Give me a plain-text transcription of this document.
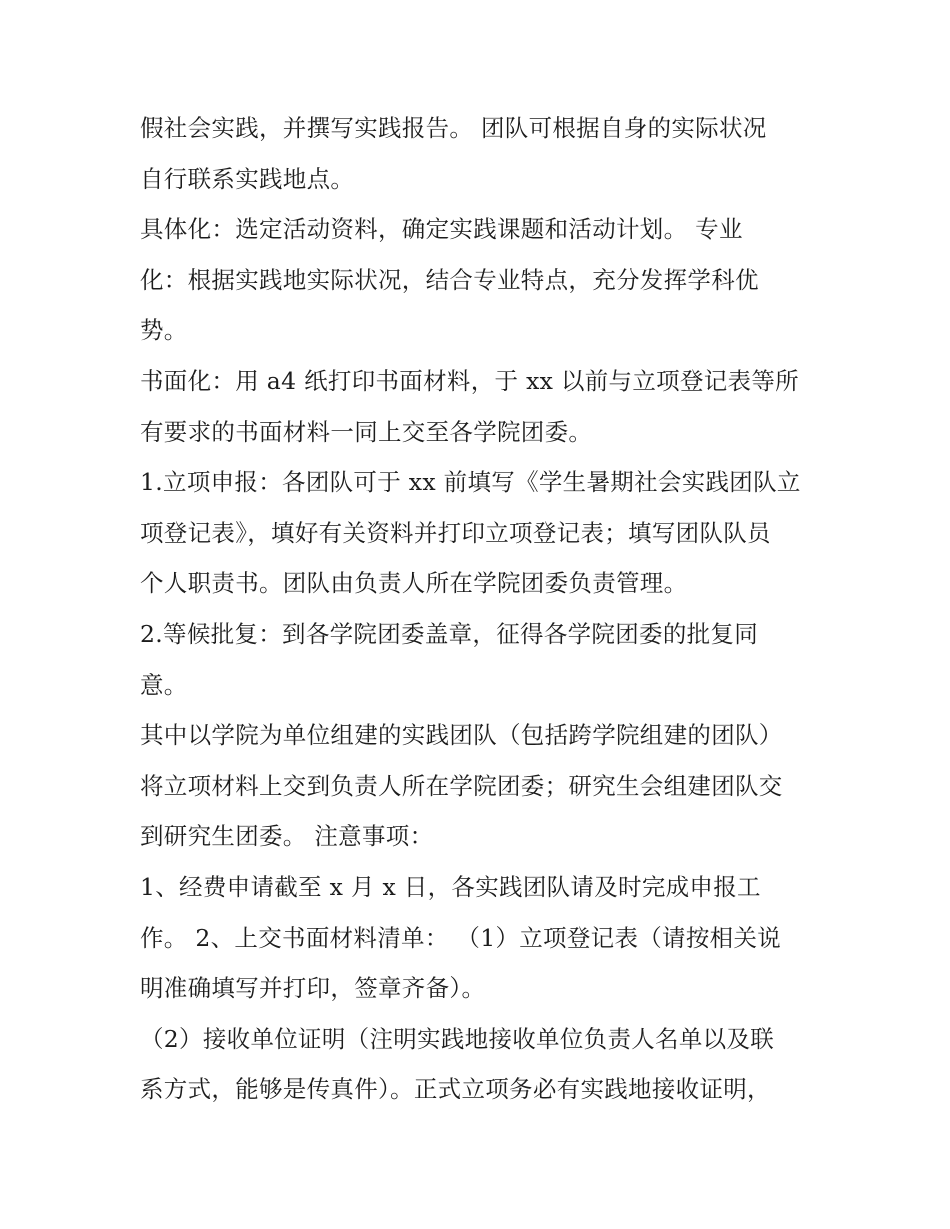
假社会实践，并撰写实践报告。 团队可根据自身的实际状况
自行联系实践地点。
具体化：选定活动资料，确定实践课题和活动计划。 专业
化：根据实践地实际状况，结合专业特点，充分发挥学科优
势。
书面化：用 a4 纸打印书面材料，于 xx 以前与立项登记表等所
有要求的书面材料一同上交至各学院团委。
1.立项申报：各团队可于 xx 前填写《学生暑期社会实践团队立
项登记表》，填好有关资料并打印立项登记表；填写团队队员
个人职责书。团队由负责人所在学院团委负责管理。
2.等候批复：到各学院团委盖章，征得各学院团委的批复同
意。
其中以学院为单位组建的实践团队（包括跨学院组建的团队）
将立项材料上交到负责人所在学院团委；研究生会组建团队交
到研究生团委。 注意事项：
1、经费申请截至 x 月 x 日，各实践团队请及时完成申报工
作。 2、上交书面材料清单： （1）立项登记表（请按相关说
明准确填写并打印，签章齐备）。
（2）接收单位证明（注明实践地接收单位负责人名单以及联
系方式，能够是传真件）。正式立项务必有实践地接收证明，
